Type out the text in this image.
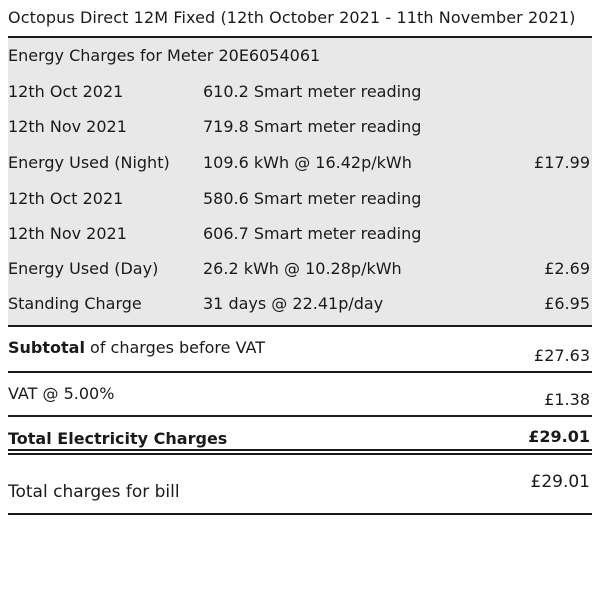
Octopus Direct 12M Fixed (12th October 2021 - 11th November 2021)
Energy Charges for Meter 20E6054061
12th Oct 2021	610.2 Smart meter reading
12th Nov 2021	719.8 Smart meter reading
Energy Used (Night) 109.6 kWh @ 16.42p/kWh	£17.99
12th Oct 2021	580.6 Smart meter reading
12th Nov 2021	606.7 Smart meter reading
Energy Used (Day)	26.2 kWh @ 10.28p/kWh	£2.69
Standing Charge	31 days @ 22.41p/day	£6.95
Subtotal of charges before VAT	£27.63
VAT @ 5.00%	£1.38
Total Electricity Charges	£29.01
Total charges for bill	£29.01
